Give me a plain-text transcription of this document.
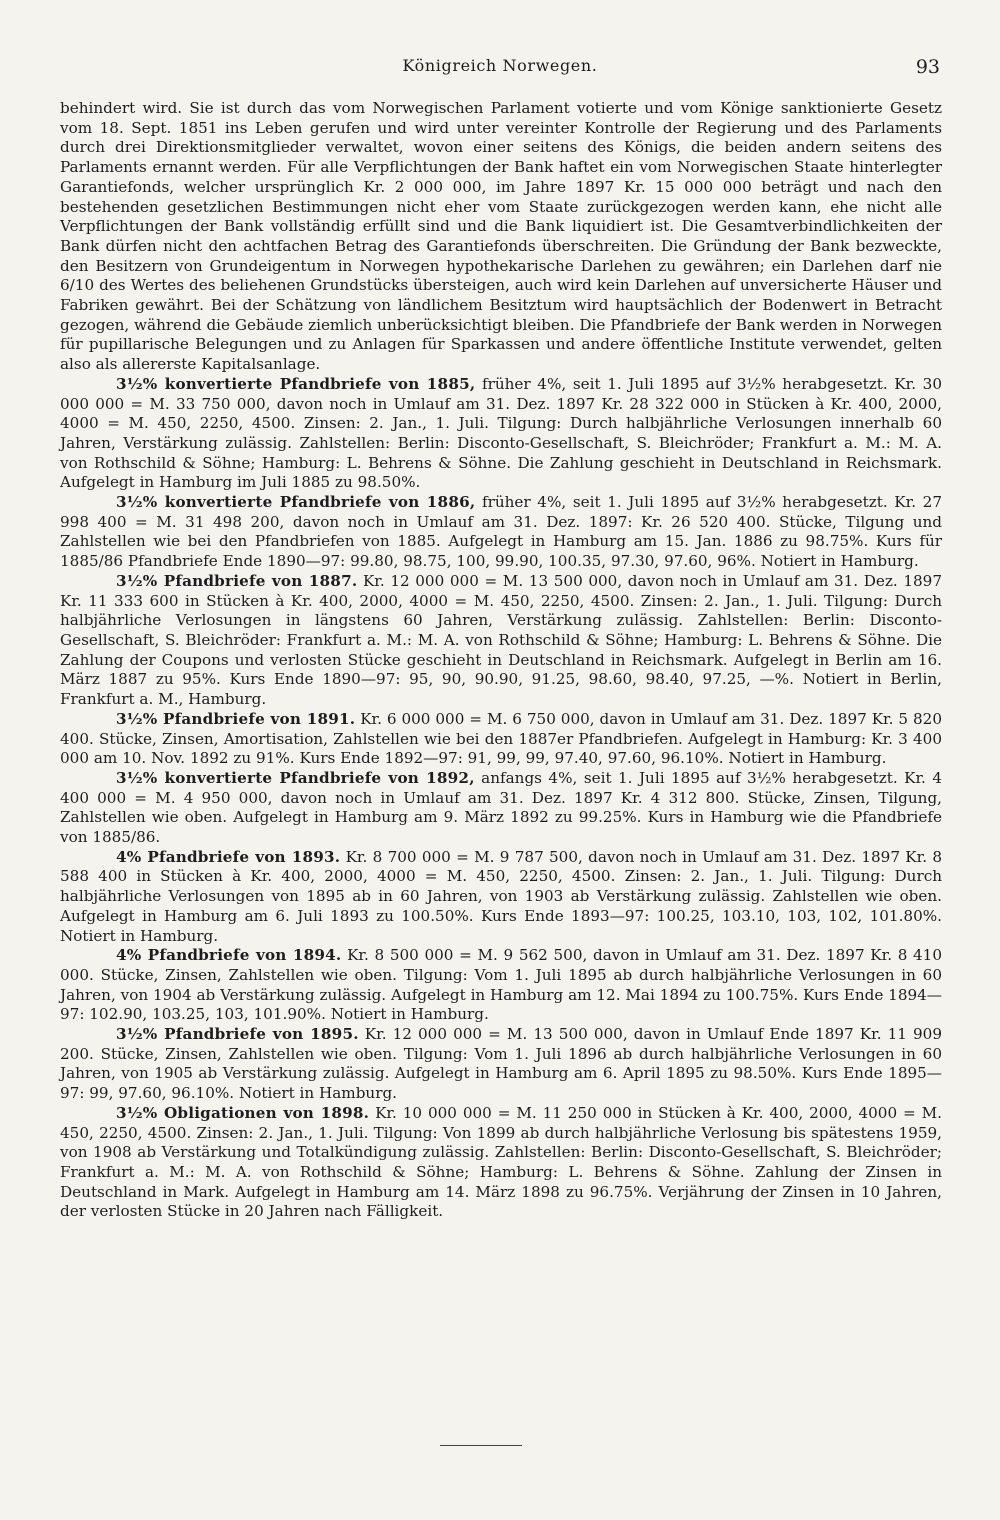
Königreich Norwegen.	93

behindert wird. Sie ist durch das vom Norwegischen Parlament votierte und vom Könige sanktionierte Gesetz vom 18. Sept. 1851 ins Leben gerufen und wird unter vereinter Kontrolle der Regierung und des Parlaments durch drei Direktionsmitglieder verwaltet, wovon einer seitens des Königs, die beiden andern seitens des Parlaments ernannt werden. Für alle Verpflichtungen der Bank haftet ein vom Norwegischen Staate hinterlegter Garantiefonds, welcher ursprünglich Kr. 2 000 000, im Jahre 1897 Kr. 15 000 000 beträgt und nach den bestehenden gesetzlichen Bestimmungen nicht eher vom Staate zurückgezogen werden kann, ehe nicht alle Verpflichtungen der Bank vollständig erfüllt sind und die Bank liquidiert ist. Die Gesamtverbindlichkeiten der Bank dürfen nicht den achtfachen Betrag des Garantiefonds überschreiten. Die Gründung der Bank bezweckte, den Besitzern von Grundeigentum in Norwegen hypothekarische Darlehen zu gewähren; ein Darlehen darf nie 6/10 des Wertes des beliehenen Grundstücks übersteigen, auch wird kein Darlehen auf unversicherte Häuser und Fabriken gewährt. Bei der Schätzung von ländlichem Besitztum wird hauptsächlich der Bodenwert in Betracht gezogen, während die Gebäude ziemlich unberücksichtigt bleiben. Die Pfandbriefe der Bank werden in Norwegen für pupillarische Belegungen und zu Anlagen für Sparkassen und andere öffentliche Institute verwendet, gelten also als allererste Kapitalsanlage.

3½% konvertierte Pfandbriefe von 1885, früher 4%, seit 1. Juli 1895 auf 3½% herabgesetzt. Kr. 30 000 000 = M. 33 750 000, davon noch in Umlauf am 31. Dez. 1897 Kr. 28 322 000 in Stücken à Kr. 400, 2000, 4000 = M. 450, 2250, 4500. Zinsen: 2. Jan., 1. Juli. Tilgung: Durch halbjährliche Verlosungen innerhalb 60 Jahren, Verstärkung zulässig. Zahlstellen: Berlin: Disconto-Gesellschaft, S. Bleichröder; Frankfurt a. M.: M. A. von Rothschild & Söhne; Hamburg: L. Behrens & Söhne. Die Zahlung geschieht in Deutschland in Reichsmark. Aufgelegt in Hamburg im Juli 1885 zu 98.50%.

3½% konvertierte Pfandbriefe von 1886, früher 4%, seit 1. Juli 1895 auf 3½% herabgesetzt. Kr. 27 998 400 = M. 31 498 200, davon noch in Umlauf am 31. Dez. 1897: Kr. 26 520 400. Stücke, Tilgung und Zahlstellen wie bei den Pfandbriefen von 1885. Aufgelegt in Hamburg am 15. Jan. 1886 zu 98.75%. Kurs für 1885/86 Pfandbriefe Ende 1890—97: 99.80, 98.75, 100, 99.90, 100.35, 97.30, 97.60, 96%. Notiert in Hamburg.

3½% Pfandbriefe von 1887. Kr. 12 000 000 = M. 13 500 000, davon noch in Umlauf am 31. Dez. 1897 Kr. 11 333 600 in Stücken à Kr. 400, 2000, 4000 = M. 450, 2250, 4500. Zinsen: 2. Jan., 1. Juli. Tilgung: Durch halbjährliche Verlosungen in längstens 60 Jahren, Verstärkung zulässig. Zahlstellen: Berlin: Disconto-Gesellschaft, S. Bleichröder: Frankfurt a. M.: M. A. von Rothschild & Söhne; Hamburg: L. Behrens & Söhne. Die Zahlung der Coupons und verlosten Stücke geschieht in Deutschland in Reichsmark. Aufgelegt in Berlin am 16. März 1887 zu 95%. Kurs Ende 1890—97: 95, 90, 90.90, 91.25, 98.60, 98.40, 97.25, —%. Notiert in Berlin, Frankfurt a. M., Hamburg.

3½% Pfandbriefe von 1891. Kr. 6 000 000 = M. 6 750 000, davon in Umlauf am 31. Dez. 1897 Kr. 5 820 400. Stücke, Zinsen, Amortisation, Zahlstellen wie bei den 1887er Pfandbriefen. Aufgelegt in Hamburg: Kr. 3 400 000 am 10. Nov. 1892 zu 91%. Kurs Ende 1892—97: 91, 99, 99, 97.40, 97.60, 96.10%. Notiert in Hamburg.

3½% konvertierte Pfandbriefe von 1892, anfangs 4%, seit 1. Juli 1895 auf 3½% herabgesetzt. Kr. 4 400 000 = M. 4 950 000, davon noch in Umlauf am 31. Dez. 1897 Kr. 4 312 800. Stücke, Zinsen, Tilgung, Zahlstellen wie oben. Aufgelegt in Hamburg am 9. März 1892 zu 99.25%. Kurs in Hamburg wie die Pfandbriefe von 1885/86.

4% Pfandbriefe von 1893. Kr. 8 700 000 = M. 9 787 500, davon noch in Umlauf am 31. Dez. 1897 Kr. 8 588 400 in Stücken à Kr. 400, 2000, 4000 = M. 450, 2250, 4500. Zinsen: 2. Jan., 1. Juli. Tilgung: Durch halbjährliche Verlosungen von 1895 ab in 60 Jahren, von 1903 ab Verstärkung zulässig. Zahlstellen wie oben. Aufgelegt in Hamburg am 6. Juli 1893 zu 100.50%. Kurs Ende 1893—97: 100.25, 103.10, 103, 102, 101.80%. Notiert in Hamburg.

4% Pfandbriefe von 1894. Kr. 8 500 000 = M. 9 562 500, davon in Umlauf am 31. Dez. 1897 Kr. 8 410 000. Stücke, Zinsen, Zahlstellen wie oben. Tilgung: Vom 1. Juli 1895 ab durch halbjährliche Verlosungen in 60 Jahren, von 1904 ab Verstärkung zulässig. Aufgelegt in Hamburg am 12. Mai 1894 zu 100.75%. Kurs Ende 1894—97: 102.90, 103.25, 103, 101.90%. Notiert in Hamburg.

3½% Pfandbriefe von 1895. Kr. 12 000 000 = M. 13 500 000, davon in Umlauf Ende 1897 Kr. 11 909 200. Stücke, Zinsen, Zahlstellen wie oben. Tilgung: Vom 1. Juli 1896 ab durch halbjährliche Verlosungen in 60 Jahren, von 1905 ab Verstärkung zulässig. Aufgelegt in Hamburg am 6. April 1895 zu 98.50%. Kurs Ende 1895—97: 99, 97.60, 96.10%. Notiert in Hamburg.

3½% Obligationen von 1898. Kr. 10 000 000 = M. 11 250 000 in Stücken à Kr. 400, 2000, 4000 = M. 450, 2250, 4500. Zinsen: 2. Jan., 1. Juli. Tilgung: Von 1899 ab durch halbjährliche Verlosung bis spätestens 1959, von 1908 ab Verstärkung und Totalkündigung zulässig. Zahlstellen: Berlin: Disconto-Gesellschaft, S. Bleichröder; Frankfurt a. M.: M. A. von Rothschild & Söhne; Hamburg: L. Behrens & Söhne. Zahlung der Zinsen in Deutschland in Mark. Aufgelegt in Hamburg am 14. März 1898 zu 96.75%. Verjährung der Zinsen in 10 Jahren, der verlosten Stücke in 20 Jahren nach Fälligkeit.
